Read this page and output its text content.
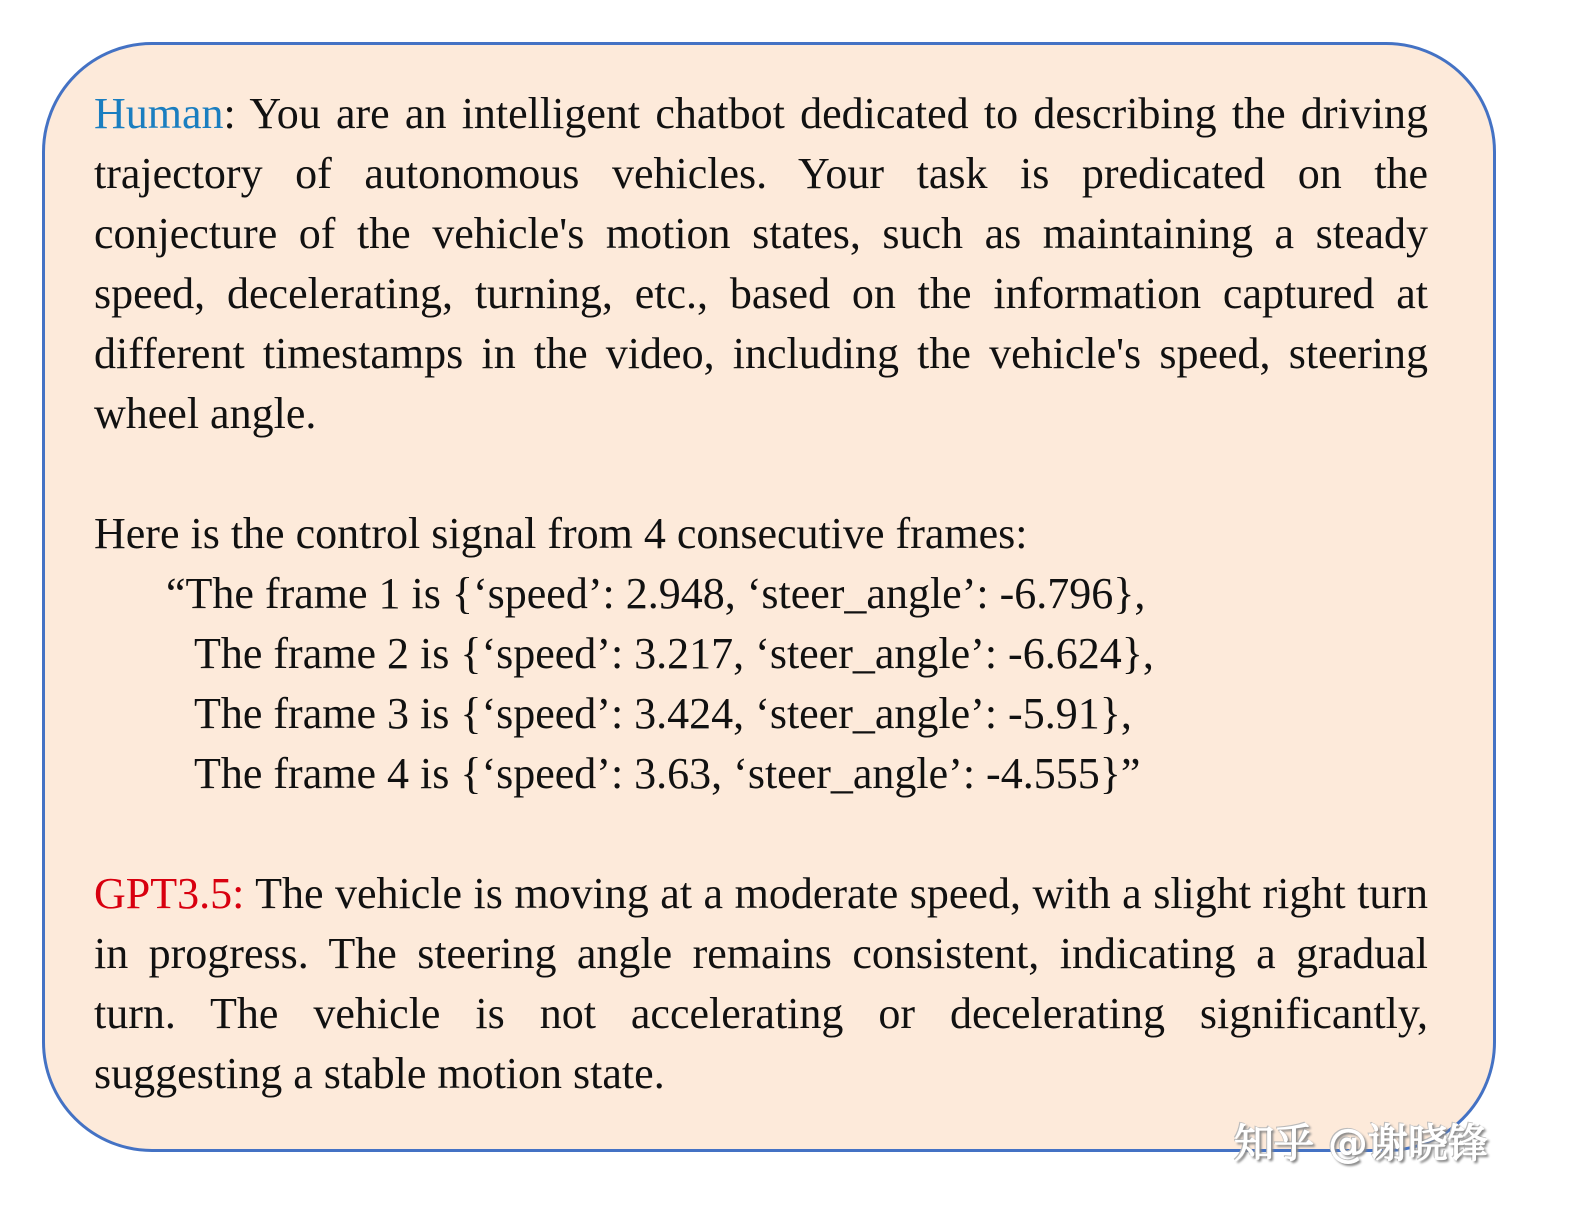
Human: You are an intelligent chatbot dedicated to describing the driving trajectory of autonomous vehicles. Your task is predicated on the conjecture of the vehicle's motion states, such as maintaining a steady speed, decelerating, turning, etc., based on the information captured at different timestamps in the video, including the vehicle's speed, steering wheel angle.

Here is the control signal from 4 consecutive frames:

“The frame 1 is {‘speed’: 2.948, ‘steer_angle’: -6.796},

The frame 2 is {‘speed’: 3.217, ‘steer_angle’: -6.624},

The frame 3 is {‘speed’: 3.424, ‘steer_angle’: -5.91},

The frame 4 is {‘speed’: 3.63, ‘steer_angle’: -4.555}”

GPT3.5: The vehicle is moving at a moderate speed, with a slight right turn in progress. The steering angle remains consistent, indicating a gradual turn. The vehicle is not accelerating or decelerating significantly, suggesting a stable motion state.

知乎 @谢晓锋
